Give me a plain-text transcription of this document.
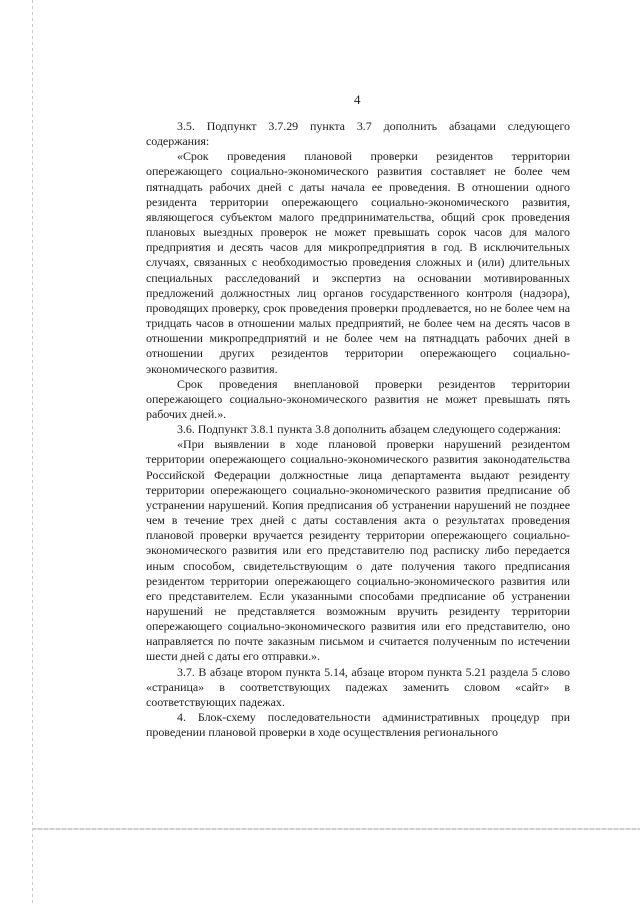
4

3.5. Подпункт 3.7.29 пункта 3.7 дополнить абзацами следующего содержания:

«Срок проведения плановой проверки резидентов территории опережающего социально-экономического развития составляет не более чем пятнадцать рабочих дней с даты начала ее проведения. В отношении одного резидента территории опережающего социально-экономического развития, являющегося субъектом малого предпринимательства, общий срок проведения плановых выездных проверок не может превышать сорок часов для малого предприятия и десять часов для микропредприятия в год. В исключительных случаях, связанных с необходимостью проведения сложных и (или) длительных специальных расследований и экспертиз на основании мотивированных предложений должностных лиц органов государственного контроля (надзора), проводящих проверку, срок проведения проверки продлевается, но не более чем на тридцать часов в отношении малых предприятий, не более чем на десять часов в отношении микропредприятий и не более чем на пятнадцать рабочих дней в отношении других резидентов территории опережающего социально-экономического развития.

Срок проведения внеплановой проверки резидентов территории опережающего социально-экономического развития не может превышать пять рабочих дней.».

3.6. Подпункт 3.8.1 пункта 3.8 дополнить абзацем следующего содержания:

«При выявлении в ходе плановой проверки нарушений резидентом территории опережающего социально-экономического развития законодательства Российской Федерации должностные лица департамента выдают резиденту территории опережающего социально-экономического развития предписание об устранении нарушений. Копия предписания об устранении нарушений не позднее чем в течение трех дней с даты составления акта о результатах проведения плановой проверки вручается резиденту территории опережающего социально-экономического развития или его представителю под расписку либо передается иным способом, свидетельствующим о дате получения такого предписания резидентом территории опережающего социально-экономического развития или его представителем. Если указанными способами предписание об устранении нарушений не представляется возможным вручить резиденту территории опережающего социально-экономического развития или его представителю, оно направляется по почте заказным письмом и считается полученным по истечении шести дней с даты его отправки.».

3.7. В абзаце втором пункта 5.14, абзаце втором пункта 5.21 раздела 5 слово «страница» в соответствующих падежах заменить словом «сайт» в соответствующих падежах.

4. Блок-схему последовательности административных процедур при проведении плановой проверки в ходе осуществления регионального
